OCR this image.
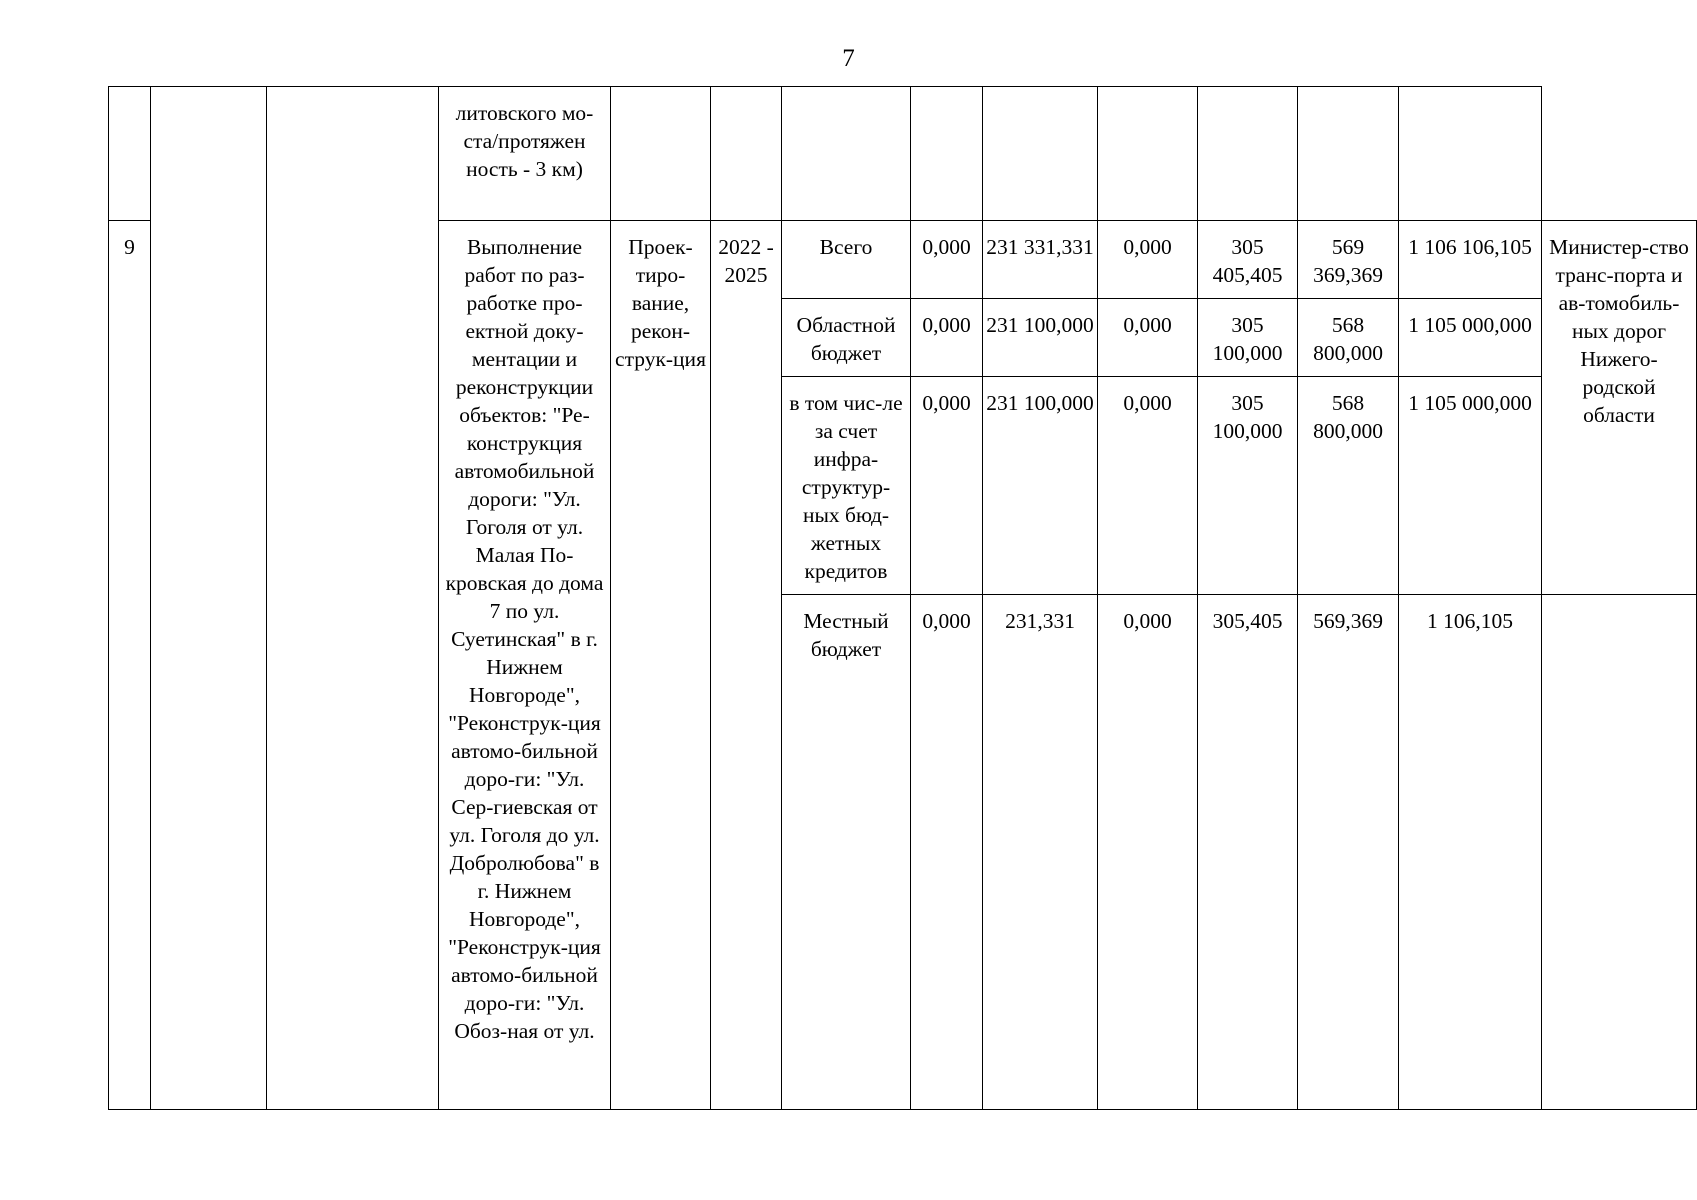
7
			литовского мо-ста/протяжен ность - 3 км)										
9			Выполнение работ по раз-работке про-ектной доку-ментации и реконструкции объектов: "Ре-конструкция автомобильной дороги: "Ул. Гоголя от ул. Малая По-кровская до дома 7 по ул. Суетинская" в г. Нижнем Новгороде", "Реконструк-ция автомо-бильной доро-ги: "Ул. Сер-гиевская от ул. Гоголя до ул. Добролюбова" в г. Нижнем Новгороде", "Реконструк-ция автомо-бильной доро-ги: "Ул. Обоз-ная от ул.	Проек-тиро-вание, рекон-струк-ция	2022 - 2025	Всего	0,000	231 331,331	0,000	305 405,405	569 369,369	1 106 106,105	Министер-ство транс-порта и ав-томобиль-ных дорог Нижего-родской области
						Областной бюджет	0,000	231 100,000	0,000	305 100,000	568 800,000	1 105 000,000	
						в том чис-ле за счет инфра-структур-ных бюд-жетных кредитов	0,000	231 100,000	0,000	305 100,000	568 800,000	1 105 000,000	
						Местный бюджет	0,000	231,331	0,000	305,405	569,369	1 106,105	
